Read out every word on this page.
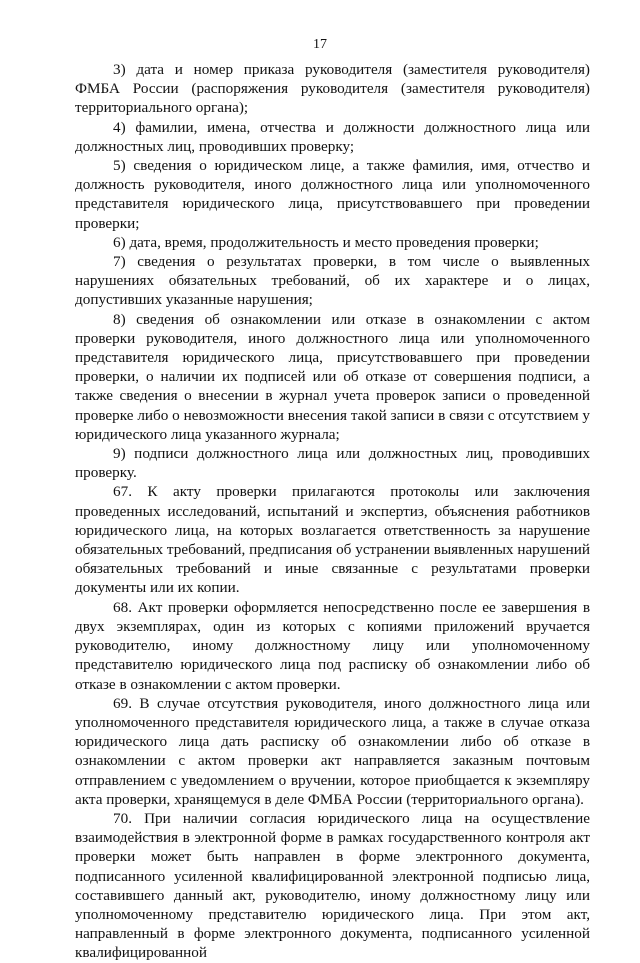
17

3) дата и номер приказа руководителя (заместителя руководителя) ФМБА России (распоряжения руководителя (заместителя руководителя) территориального органа);

4) фамилии, имена, отчества и должности должностного лица или должностных лиц, проводивших проверку;

5) сведения о юридическом лице, а также фамилия, имя, отчество и должность руководителя, иного должностного лица или уполномоченного представителя юридического лица, присутствовавшего при проведении проверки;

6) дата, время, продолжительность и место проведения проверки;

7) сведения о результатах проверки, в том числе о выявленных нарушениях обязательных требований, об их характере и о лицах, допустивших указанные нарушения;

8) сведения об ознакомлении или отказе в ознакомлении с актом проверки руководителя, иного должностного лица или уполномоченного представителя юридического лица, присутствовавшего при проведении проверки, о наличии их подписей или об отказе от совершения подписи, а также сведения о внесении в журнал учета проверок записи о проведенной проверке либо о невозможности внесения такой записи в связи с отсутствием у юридического лица указанного журнала;

9) подписи должностного лица или должностных лиц, проводивших проверку.

67. К акту проверки прилагаются протоколы или заключения проведенных исследований, испытаний и экспертиз, объяснения работников юридического лица, на которых возлагается ответственность за нарушение обязательных требований, предписания об устранении выявленных нарушений обязательных требований и иные связанные с результатами проверки документы или их копии.

68. Акт проверки оформляется непосредственно после ее завершения в двух экземплярах, один из которых с копиями приложений вручается руководителю, иному должностному лицу или уполномоченному представителю юридического лица под расписку об ознакомлении либо об отказе в ознакомлении с актом проверки.

69. В случае отсутствия руководителя, иного должностного лица или уполномоченного представителя юридического лица, а также в случае отказа юридического лица дать расписку об ознакомлении либо об отказе в ознакомлении с актом проверки акт направляется заказным почтовым отправлением с уведомлением о вручении, которое приобщается к экземпляру акта проверки, хранящемуся в деле ФМБА России (территориального органа).

70. При наличии согласия юридического лица на осуществление взаимодействия в электронной форме в рамках государственного контроля акт проверки может быть направлен в форме электронного документа, подписанного усиленной квалифицированной электронной подписью лица, составившего данный акт, руководителю, иному должностному лицу или уполномоченному представителю юридического лица. При этом акт, направленный в форме электронного документа, подписанного усиленной квалифицированной
